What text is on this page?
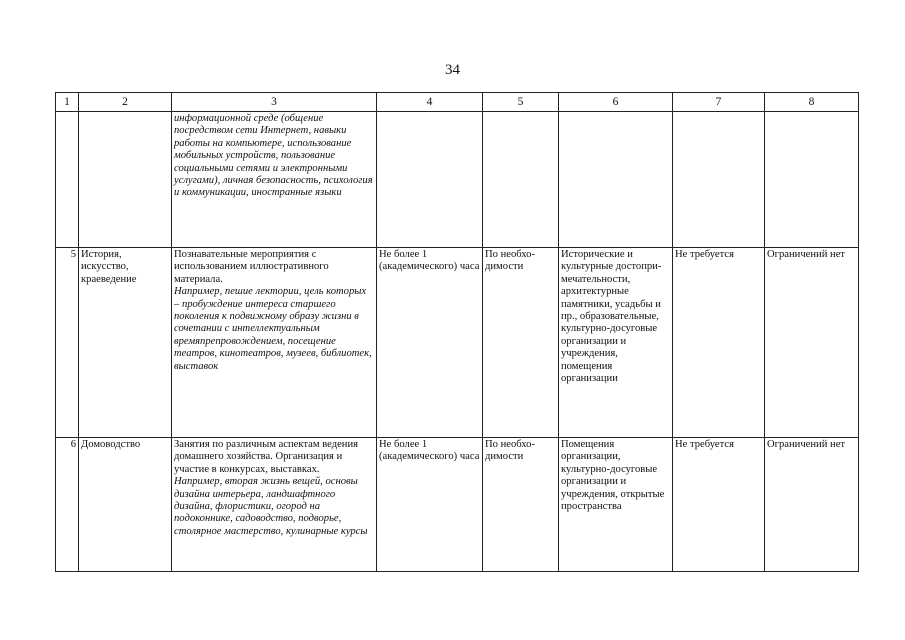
34
1	2	3	4	5	6	7	8
		информационной среде (общение посредством сети Интернет, навыки работы на компьютере, использование мобильных устройств, пользование социальными сетями и электронными услугами), личная безопасность, психология и коммуникации, иностранные языки					
5	История, искусство, краеведение	Познавательные мероприятия с использованием иллюстративного материала.
Например, пешие лектории, цель которых – пробуждение интереса старшего поколения к подвижному образу жизни в сочетании с интеллектуальным времяпрепровождением, посещение театров, кинотеатров, музеев, библиотек, выставок	Не более 1 (академического) часа	По необхо-димости	Исторические и культурные достопри-мечательности, архитектурные памятники, усадьбы и пр., образовательные, культурно-досуговые организации и учреждения, помещения организации	Не требуется	Ограничений нет
6	Домоводство	Занятия по различным аспектам ведения домашнего хозяйства. Организация и участие в конкурсах, выставках.
Например, вторая жизнь вещей, основы дизайна интерьера, ландшафтного дизайна, флористики, огород на подоконнике, садоводство, подворье, столярное мастерство, кулинарные курсы	Не более 1 (академического) часа	По необхо-димости	Помещения организации, культурно-досуговые организации и учреждения, открытые пространства	Не требуется	Ограничений нет
